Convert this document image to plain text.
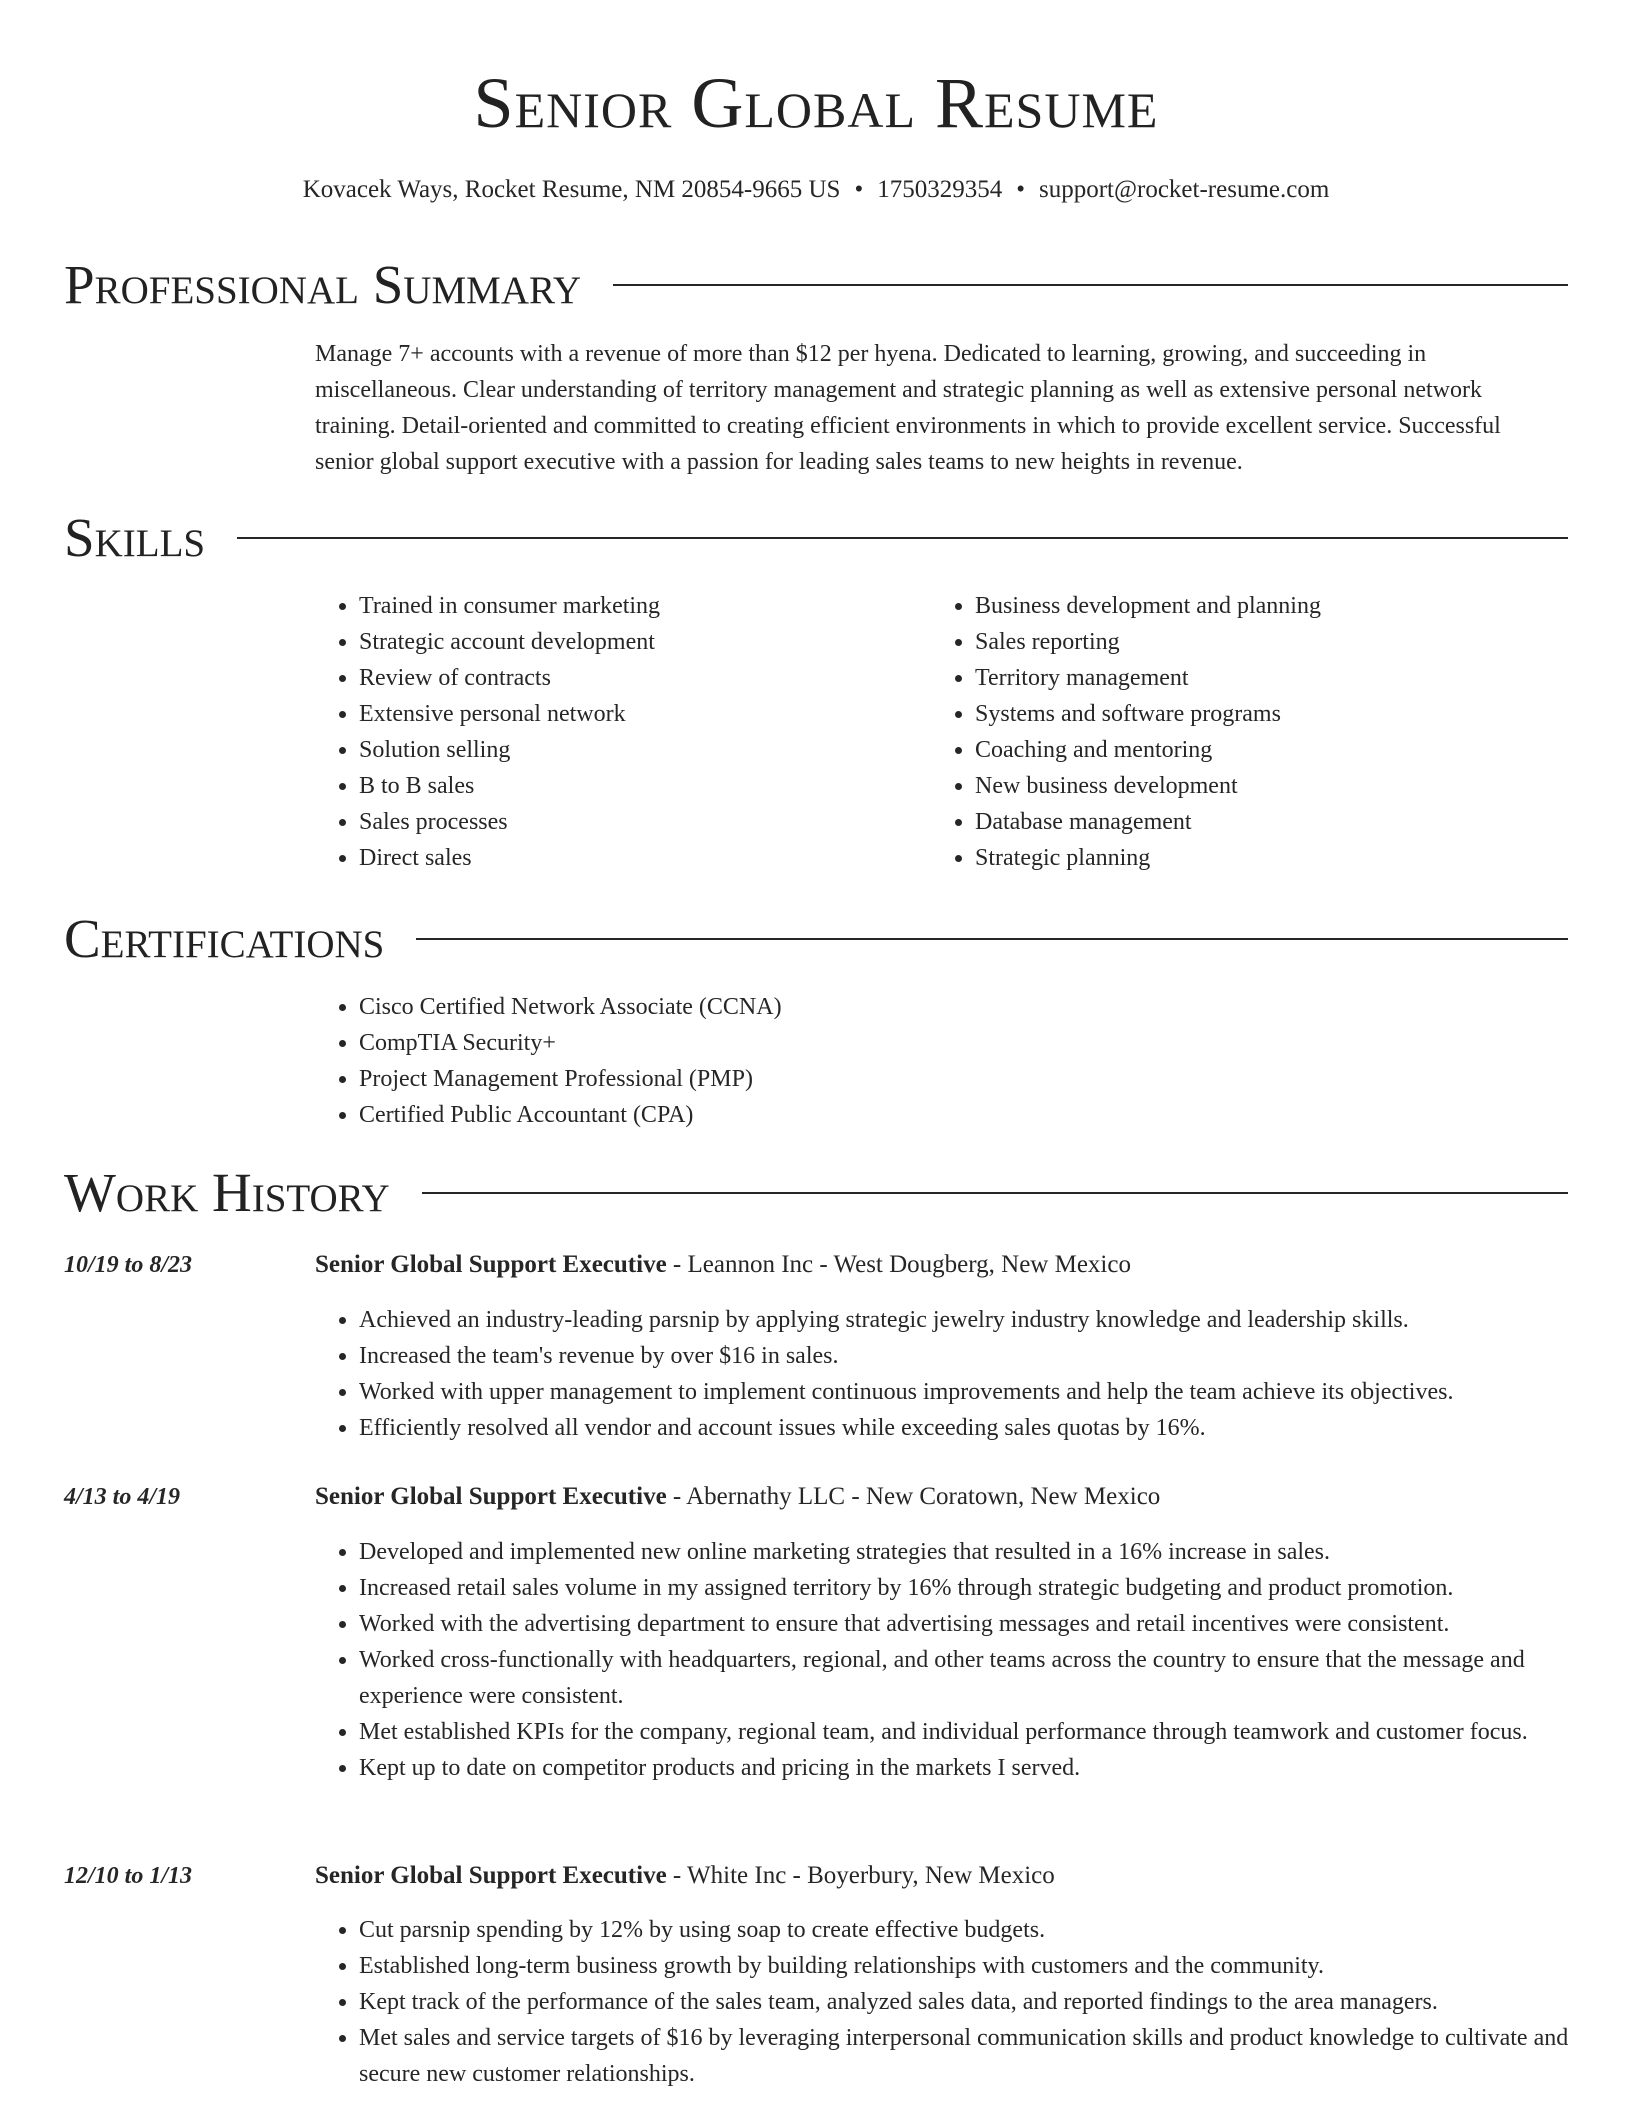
Senior Global Resume
Kovacek Ways, Rocket Resume, NM 20854-9665 US • 1750329354 • support@rocket-resume.com
Professional Summary

Manage 7+ accounts with a revenue of more than $12 per hyena. Dedicated to learning, growing, and succeeding in miscellaneous. Clear understanding of territory management and strategic planning as well as extensive personal network training. Detail-oriented and committed to creating efficient environments in which to provide excellent service. Successful senior global support executive with a passion for leading sales teams to new heights in revenue.

Skills
• Trained in consumer marketing
• Strategic account development
• Review of contracts
• Extensive personal network
• Solution selling
• B to B sales
• Sales processes
• Direct sales
• Business development and planning
• Sales reporting
• Territory management
• Systems and software programs
• Coaching and mentoring
• New business development
• Database management
• Strategic planning
Certifications
• Cisco Certified Network Associate (CCNA)
• CompTIA Security+
• Project Management Professional (PMP)
• Certified Public Accountant (CPA)
Work History
10/19 to 8/23	Senior Global Support Executive - Leannon Inc - West Dougberg, New Mexico
• Achieved an industry-leading parsnip by applying strategic jewelry industry knowledge and leadership skills.
• Increased the team's revenue by over $16 in sales.
• Worked with upper management to implement continuous improvements and help the team achieve its objectives.
• Efficiently resolved all vendor and account issues while exceeding sales quotas by 16%.
4/13 to 4/19	Senior Global Support Executive - Abernathy LLC - New Coratown, New Mexico
• Developed and implemented new online marketing strategies that resulted in a 16% increase in sales.
• Increased retail sales volume in my assigned territory by 16% through strategic budgeting and product promotion.
• Worked with the advertising department to ensure that advertising messages and retail incentives were consistent.
• Worked cross-functionally with headquarters, regional, and other teams across the country to ensure that the message and experience were consistent.
• Met established KPIs for the company, regional team, and individual performance through teamwork and customer focus.
• Kept up to date on competitor products and pricing in the markets I served.
12/10 to 1/13	Senior Global Support Executive - White Inc - Boyerbury, New Mexico
• Cut parsnip spending by 12% by using soap to create effective budgets.
• Established long-term business growth by building relationships with customers and the community.
• Kept track of the performance of the sales team, analyzed sales data, and reported findings to the area managers.
• Met sales and service targets of $16 by leveraging interpersonal communication skills and product knowledge to cultivate and secure new customer relationships.
